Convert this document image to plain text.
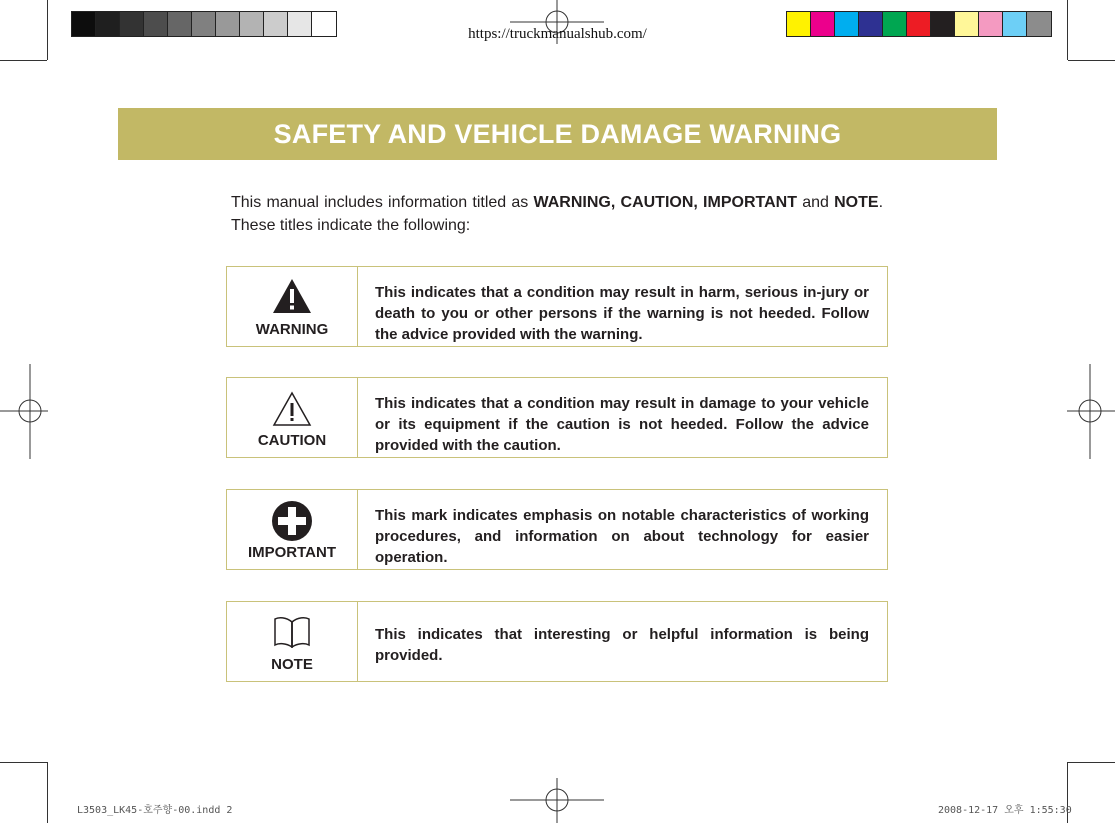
https://truckmanualshub.com/
SAFETY AND VEHICLE DAMAGE WARNING
This manual includes information titled as WARNING, CAUTION, IMPORTANT and NOTE. These titles indicate the following:
WARNING
This indicates that a condition may result in harm, serious in-jury or death to you or other persons if the warning is not heeded. Follow the advice provided with the warning.
CAUTION
This indicates that a condition may result in damage to your vehicle or its equipment if the caution is not heeded. Follow the advice provided with the caution.
IMPORTANT
This mark indicates emphasis on notable characteristics of working procedures, and information on about technology for easier operation.
NOTE
This indicates that interesting or helpful information is being provided.
L3503_LK45-호주향-00.indd 2	2008-12-17 오후 1:55:30
